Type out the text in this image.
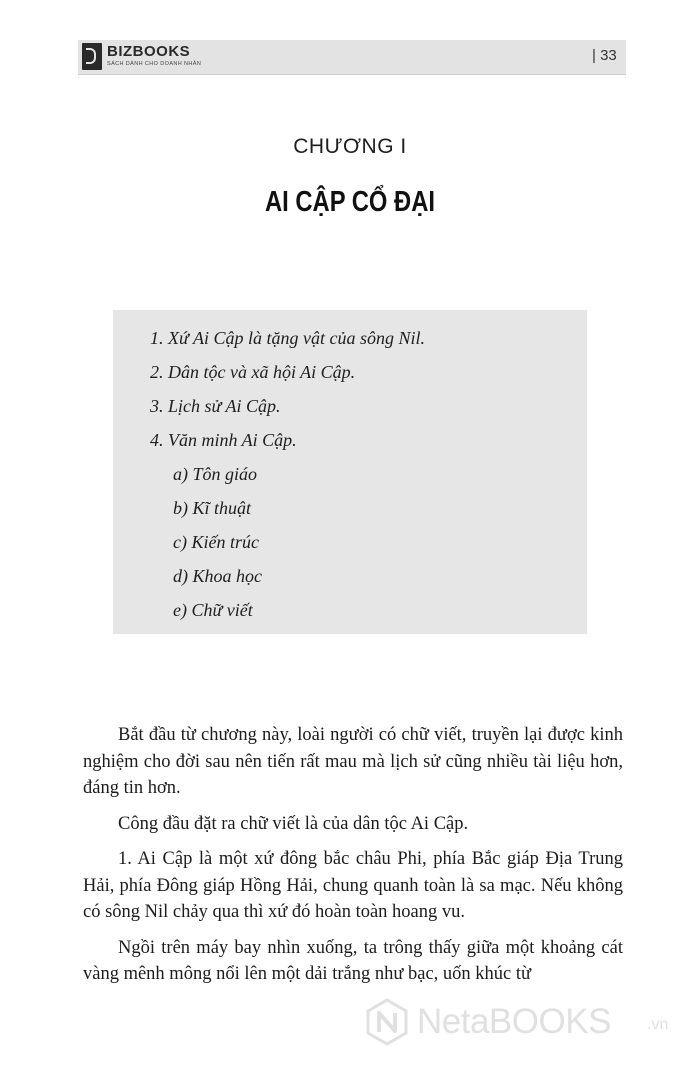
BIZBOOKS
SÁCH DÀNH CHO DOANH NHÂN	| 33
CHƯƠNG I
AI CẬP CỔ ĐẠI
1. Xứ Ai Cập là tặng vật của sông Nil.
2. Dân tộc và xã hội Ai Cập.
3. Lịch sử Ai Cập.
4. Văn minh Ai Cập.
a) Tôn giáo
b) Kĩ thuật
c) Kiến trúc
d) Khoa học
e) Chữ viết

Bắt đầu từ chương này, loài người có chữ viết, truyền lại được kinh nghiệm cho đời sau nên tiến rất mau mà lịch sử cũng nhiều tài liệu hơn, đáng tin hơn.

Công đầu đặt ra chữ viết là của dân tộc Ai Cập.

1. Ai Cập là một xứ đông bắc châu Phi, phía Bắc giáp Địa Trung Hải, phía Đông giáp Hồng Hải, chung quanh toàn là sa mạc. Nếu không có sông Nil chảy qua thì xứ đó hoàn toàn hoang vu.

Ngồi trên máy bay nhìn xuống, ta trông thấy giữa một khoảng cát vàng mênh mông nổi lên một dải trắng như bạc, uốn khúc từ

NetaBOOKS .vn
